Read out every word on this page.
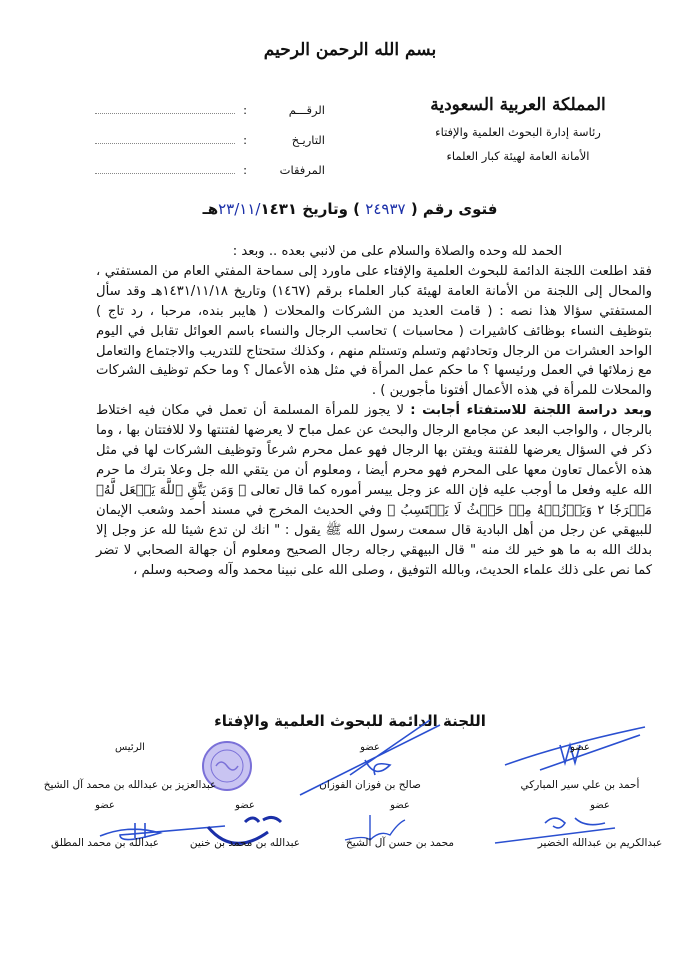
بسم الله الرحمن الرحيم
المملكة العربية السعودية
رئاسة إدارة البحوث العلمية والإفتاء
الأمانة العامة لهيئة كبار العلماء
الرقـــم
:
التاريـخ
:
المرفقات
:
فتوى رقم ( ٢٤٩٣٧ ) وتاريخ ٢٣/١١/١٤٣١هـ

الحمد لله وحده والصلاة والسلام على من لانبي بعده .. وبعد :

فقد اطلعت اللجنة الدائمة للبحوث العلمية والإفتاء على ماورد إلى سماحة المفتي العام من المستفتي ، والمحال إلى اللجنة من الأمانة العامة لهيئة كبار العلماء برقم (١٤٦٧) وتاريخ ١٤٣١/١١/١٨هـ وقد سأل المستفتي سؤالا هذا نصه : ( قامت العديد من الشركات والمحلات ( هايبر بنده، مرحبا ، رد تاج ) بتوظيف النساء بوظائف كاشيرات ( محاسبات ) تحاسب الرجال والنساء باسم العوائل تقابل في اليوم الواحد العشرات من الرجال وتحادثهم وتسلم وتستلم منهم ، وكذلك ستحتاج للتدريب والاجتماع والتعامل مع زملائها في العمل ورئيسها ؟ ما حكم عمل المرأة في مثل هذه الأعمال ؟ وما حكم توظيف الشركات والمحلات للمرأة في هذه الأعمال أفتونا مأجورين ) .

وبعد دراسة اللجنة للاستفتاء أجابت : لا يجوز للمرأة المسلمة أن تعمل في مكان فيه اختلاط بالرجال ، والواجب البعد عن مجامع الرجال والبحث عن عمل مباح لا يعرضها لفتنتها ولا للافتتان بها ، وما ذكر في السؤال يعرضها للفتنة ويفتن بها الرجال فهو عمل محرم شرعاً وتوظيف الشركات لها في مثل هذه الأعمال تعاون معها على المحرم فهو محرم أيضا ، ومعلوم أن من يتقي الله جل وعلا بترك ما حرم الله عليه وفعل ما أوجب عليه فإن الله عز وجل ييسر أموره كما قال تعالى ﴿ وَمَن يَتَّقِ ٱللَّهَ يَجۡعَل لَّهُۥ مَخۡرَجٗا ٢ وَيَرۡزُقۡهُ مِنۡ حَيۡثُ لَا يَحۡتَسِبُ ﴾ وفي الحديث المخرج في مسند أحمد وشعب الإيمان للبيهقي عن رجل من أهل البادية قال سمعت رسول الله ﷺ يقول : " انك لن تدع شيئا لله عز وجل إلا بدلك الله به ما هو خير لك منه " قال البيهقي رجاله رجال الصحيح ومعلوم أن جهالة الصحابي لا تضر كما نص على ذلك علماء الحديث، وبالله التوفيق ، وصلى الله على نبينا محمد وآله وصحبه وسلم ،

اللجنة الدائمة للبحوث العلمية والإفتاء
عضو
أحمد بن علي سير المباركي
عضو
صالح بن فوزان الفوزان
الرئيس
عبدالعزيز بن عبدالله بن محمد آل الشيخ
عضو
عبدالكريم بن عبدالله الخضير
عضو
محمد بن حسن آل الشيخ
عضو
عبدالله بن محمد بن خنين
عضو
عبدالله بن محمد المطلق
